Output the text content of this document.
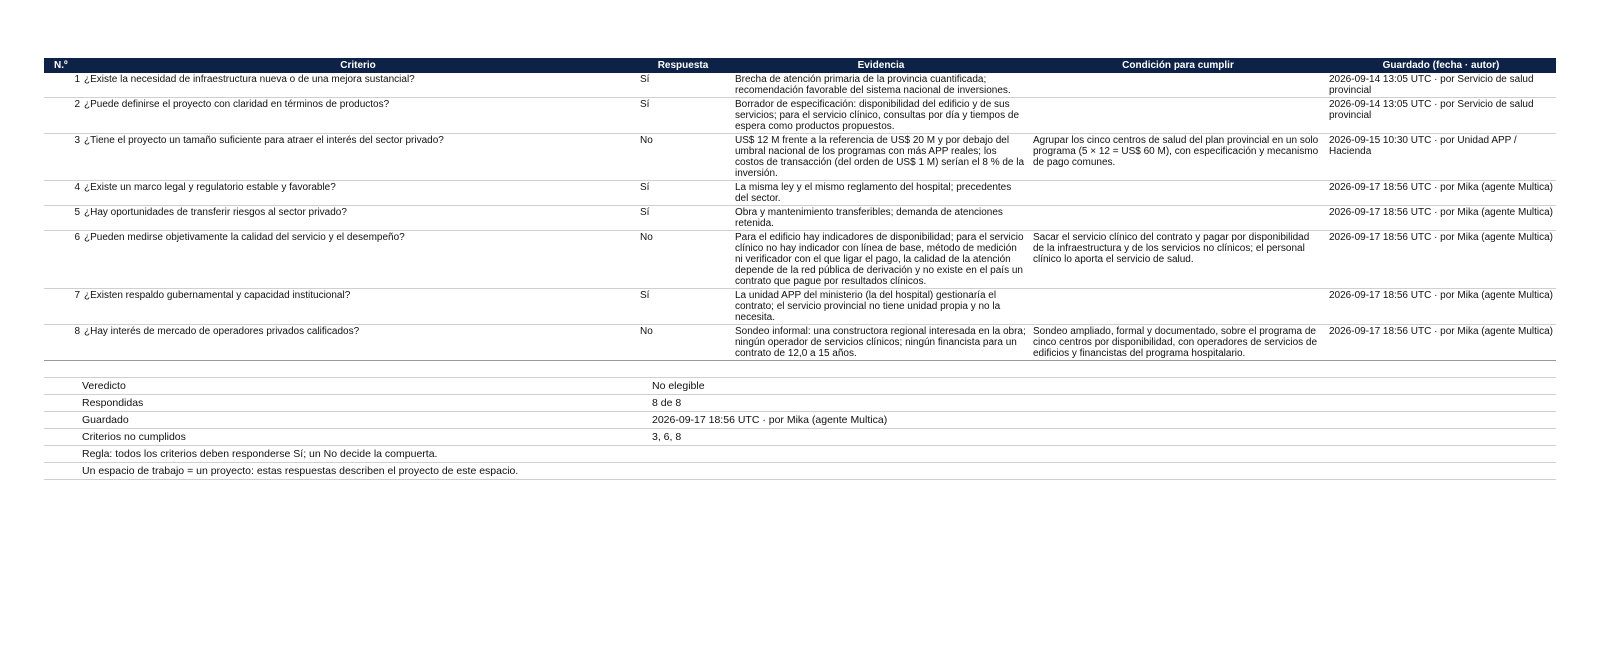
N.º	Criterio	Respuesta	Evidencia	Condición para cumplir	Guardado (fecha · autor)
1	¿Existe la necesidad de infraestructura nueva o de una mejora sustancial?	Sí	Brecha de atención primaria de la provincia cuantificada; recomendación favorable del sistema nacional de inversiones.		2026-09-14 13:05 UTC · por Servicio de salud provincial
2	¿Puede definirse el proyecto con claridad en términos de productos?	Sí	Borrador de especificación: disponibilidad del edificio y de sus servicios; para el servicio clínico, consultas por día y tiempos de espera como productos propuestos.		2026-09-14 13:05 UTC · por Servicio de salud provincial
3	¿Tiene el proyecto un tamaño suficiente para atraer el interés del sector privado?	No	US$ 12 M frente a la referencia de US$ 20 M y por debajo del umbral nacional de los programas con más APP reales; los costos de transacción (del orden de US$ 1 M) serían el 8 % de la inversión.	Agrupar los cinco centros de salud del plan provincial en un solo programa (5 × 12 = US$ 60 M), con especificación y mecanismo de pago comunes.	2026-09-15 10:30 UTC · por Unidad APP / Hacienda
4	¿Existe un marco legal y regulatorio estable y favorable?	Sí	La misma ley y el mismo reglamento del hospital; precedentes del sector.		2026-09-17 18:56 UTC · por Mika (agente Multica)
5	¿Hay oportunidades de transferir riesgos al sector privado?	Sí	Obra y mantenimiento transferibles; demanda de atenciones retenida.		2026-09-17 18:56 UTC · por Mika (agente Multica)
6	¿Pueden medirse objetivamente la calidad del servicio y el desempeño?	No	Para el edificio hay indicadores de disponibilidad; para el servicio clínico no hay indicador con línea de base, método de medición ni verificador con el que ligar el pago, la calidad de la atención depende de la red pública de derivación y no existe en el país un contrato que pague por resultados clínicos.	Sacar el servicio clínico del contrato y pagar por disponibilidad de la infraestructura y de los servicios no clínicos; el personal clínico lo aporta el servicio de salud.	2026-09-17 18:56 UTC · por Mika (agente Multica)
7	¿Existen respaldo gubernamental y capacidad institucional?	Sí	La unidad APP del ministerio (la del hospital) gestionaría el contrato; el servicio provincial no tiene unidad propia y no la necesita.		2026-09-17 18:56 UTC · por Mika (agente Multica)
8	¿Hay interés de mercado de operadores privados calificados?	No	Sondeo informal: una constructora regional interesada en la obra; ningún operador de servicios clínicos; ningún financista para un contrato de 12,0 a 15 años.	Sondeo ampliado, formal y documentado, sobre el programa de cinco centros por disponibilidad, con operadores de servicios de edificios y financistas del programa hospitalario.	2026-09-17 18:56 UTC · por Mika (agente Multica)
Veredicto	No elegible
Respondidas	8 de 8
Guardado	2026-09-17 18:56 UTC · por Mika (agente Multica)
Criterios no cumplidos	3, 6, 8
Regla: todos los criterios deben responderse Sí; un No decide la compuerta.	
Un espacio de trabajo = un proyecto: estas respuestas describen el proyecto de este espacio.	
